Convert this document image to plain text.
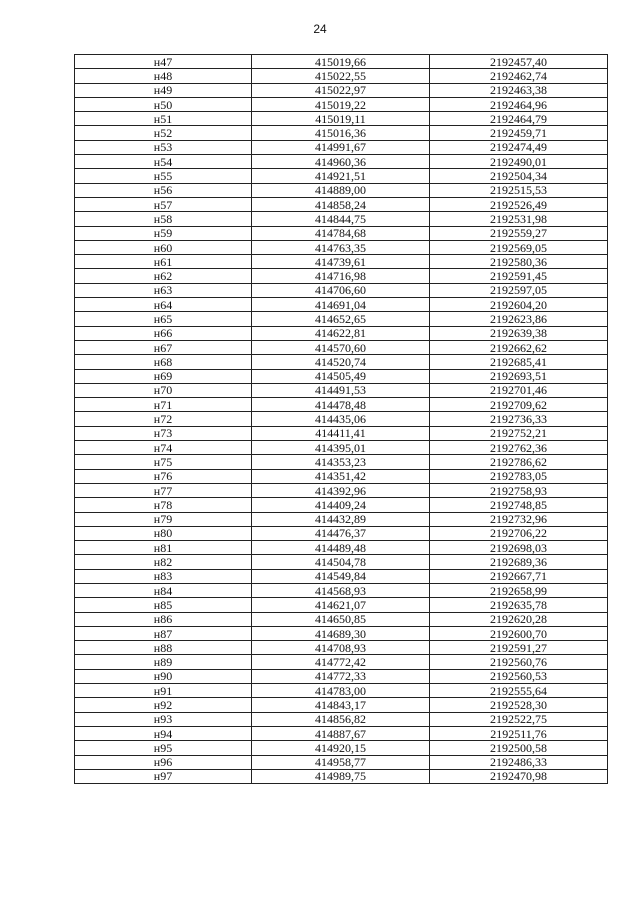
24
н47	415019,66	2192457,40
н48	415022,55	2192462,74
н49	415022,97	2192463,38
н50	415019,22	2192464,96
н51	415019,11	2192464,79
н52	415016,36	2192459,71
н53	414991,67	2192474,49
н54	414960,36	2192490,01
н55	414921,51	2192504,34
н56	414889,00	2192515,53
н57	414858,24	2192526,49
н58	414844,75	2192531,98
н59	414784,68	2192559,27
н60	414763,35	2192569,05
н61	414739,61	2192580,36
н62	414716,98	2192591,45
н63	414706,60	2192597,05
н64	414691,04	2192604,20
н65	414652,65	2192623,86
н66	414622,81	2192639,38
н67	414570,60	2192662,62
н68	414520,74	2192685,41
н69	414505,49	2192693,51
н70	414491,53	2192701,46
н71	414478,48	2192709,62
н72	414435,06	2192736,33
н73	414411,41	2192752,21
н74	414395,01	2192762,36
н75	414353,23	2192786,62
н76	414351,42	2192783,05
н77	414392,96	2192758,93
н78	414409,24	2192748,85
н79	414432,89	2192732,96
н80	414476,37	2192706,22
н81	414489,48	2192698,03
н82	414504,78	2192689,36
н83	414549,84	2192667,71
н84	414568,93	2192658,99
н85	414621,07	2192635,78
н86	414650,85	2192620,28
н87	414689,30	2192600,70
н88	414708,93	2192591,27
н89	414772,42	2192560,76
н90	414772,33	2192560,53
н91	414783,00	2192555,64
н92	414843,17	2192528,30
н93	414856,82	2192522,75
н94	414887,67	2192511,76
н95	414920,15	2192500,58
н96	414958,77	2192486,33
н97	414989,75	2192470,98
